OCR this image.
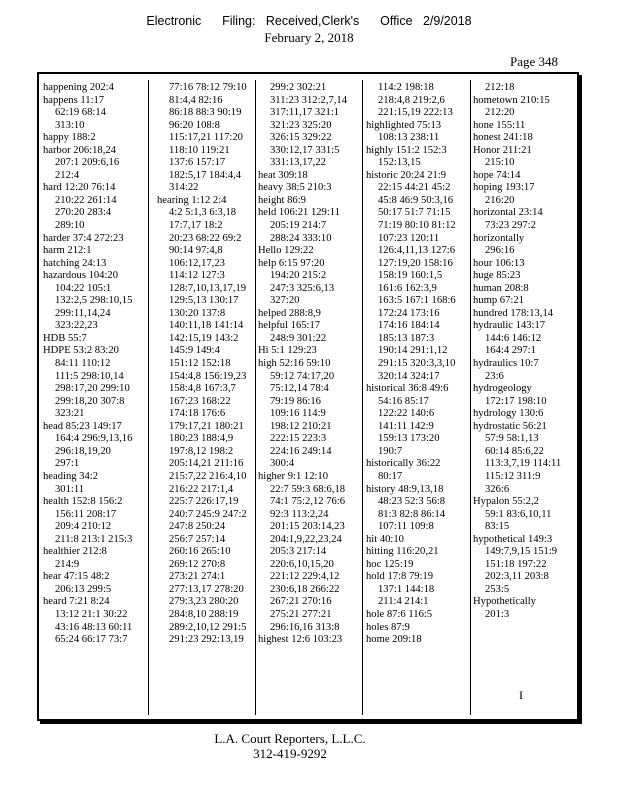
Electronic      Filing:   Received,Clerk's      Office   2/9/2018
February 2, 2018
Page 348
happening 202:4
happens 11:17
62:19 68:14
313:10
happy 188:2
harbor 206:18,24
207:1 209:6,16
212:4
hard 12:20 76:14
210:22 261:14
270:20 283:4
289:10
harder 37:4 272:23
harm 212:1
hatching 24:13
hazardous 104:20
104:22 105:1
132:2,5 298:10,15
299:11,14,24
323:22,23
HDB 55:7
HDPE 53:2 83:20
84:11 110:12
111:5 298:10,14
298:17,20 299:10
299:18,20 307:8
323:21
head 85:23 149:17
164:4 296:9,13,16
296:18,19,20
297:1
heading 34:2
301:11
health 152:8 156:2
156:11 208:17
209:4 210:12
211:8 213:1 215:3
healthier 212:8
214:9
hear 47:15 48:2
206:13 299:5
heard 7:21 8:24
13:12 21:1 30:22
43:16 48:13 60:11
65:24 66:17 73:7
77:16 78:12 79:10
81:4,4 82:16
86:18 88:3 90:19
96:20 108:8
115:17,21 117:20
118:10 119:21
137:6 157:17
182:5,17 184:4,4
314:22
hearing 1:12 2:4
4:2 5:1,3 6:3,18
17:7,17 18:2
20:23 68:22 69:2
90:14 97:4,8
106:12,17,23
114:12 127:3
128:7,10,13,17,19
129:5,13 130:17
130:20 137:8
140:11,18 141:14
142:15,19 143:2
145:9 149:4
151:12 152:18
154:4,8 156:19,23
158:4,8 167:3,7
167:23 168:22
174:18 176:6
179:17,21 180:21
180:23 188:4,9
197:8,12 198:2
205:14,21 211:16
215:7,22 216:4,10
216:22 217:1,4
225:7 226:17,19
240:7 245:9 247:2
247:8 250:24
256:7 257:14
260:16 265:10
269:12 270:8
273:21 274:1
277:13,17 278:20
279:3,23 280:20
284:8,10 288:19
289:2,10,12 291:5
291:23 292:13,19
299:2 302:21
311:23 312:2,7,14
317:11,17 321:1
321:23 325:20
326:15 329:22
330:12,17 331:5
331:13,17,22
heat 309:18
heavy 38:5 210:3
height 86:9
held 106:21 129:11
205:19 214:7
288:24 333:10
Hello 129:22
help 6:15 97:20
194:20 215:2
247:3 325:6,13
327:20
helped 288:8,9
helpful 165:17
248:9 301:22
Hi 5:1 129:23
high 52:16 59:10
59:12 74:17,20
75:12,14 78:4
79:19 86:16
109:16 114:9
198:12 210:21
222:15 223:3
224:16 249:14
300:4
higher 9:1 12:10
22:7 59:3 68:6,18
74:1 75:2,12 76:6
92:3 113:2,24
201:15 203:14,23
204:1,9,22,23,24
205:3 217:14
220:6,10,15,20
221:12 229:4,12
230:6,18 266:22
267:21 270:16
275:21 277:21
296:16,16 313:8
highest 12:6 103:23
114:2 198:18
218:4,8 219:2,6
221:15,19 222:13
highlighted 75:13
108:13 238:11
highly 151:2 152:3
152:13,15
historic 20:24 21:9
22:15 44:21 45:2
45:8 46:9 50:3,16
50:17 51:7 71:15
71:19 80:10 81:12
107:23 120:11
126:4,11,13 127:6
127:19,20 158:16
158:19 160:1,5
161:6 162:3,9
163:5 167:1 168:6
172:24 173:16
174:16 184:14
185:13 187:3
190:14 291:1,12
291:15 320:3,3,10
320:14 324:17
historical 36:8 49:6
54:16 85:17
122:22 140:6
141:11 142:9
159:13 173:20
190:7
historically 36:22
80:17
history 48:9,13,18
48:23 52:3 56:8
81:3 82:8 86:14
107:11 109:8
hit 40:10
hitting 116:20,21
hoc 125:19
hold 17:8 79:19
137:1 144:18
211:4 214:1
hole 87:6 116:5
holes 87:9
home 209:18
212:18
hometown 210:15
212:20
hone 155:11
honest 241:18
Honor 211:21
215:10
hope 74:14
hoping 193:17
216:20
horizontal 23:14
73:23 297:2
horizontally
296:16
hour 106:13
huge 85:23
human 208:8
hump 67:21
hundred 178:13,14
hydraulic 143:17
144:6 146:12
164:4 297:1
hydraulics 10:7
23:6
hydrogeology
172:17 198:10
hydrology 130:6
hydrostatic 56:21
57:9 58:1,13
60:14 85:6,22
113:3,7,19 114:11
115:12 311:9
326:6
Hypalon 55:2,2
59:1 83:6,10,11
83:15
hypothetical 149:3
149:7,9,15 151:9
151:18 197:22
202:3,11 203:8
253:5
Hypothetically
201:3
I
L.A. Court Reporters, L.L.C.
312-419-9292
